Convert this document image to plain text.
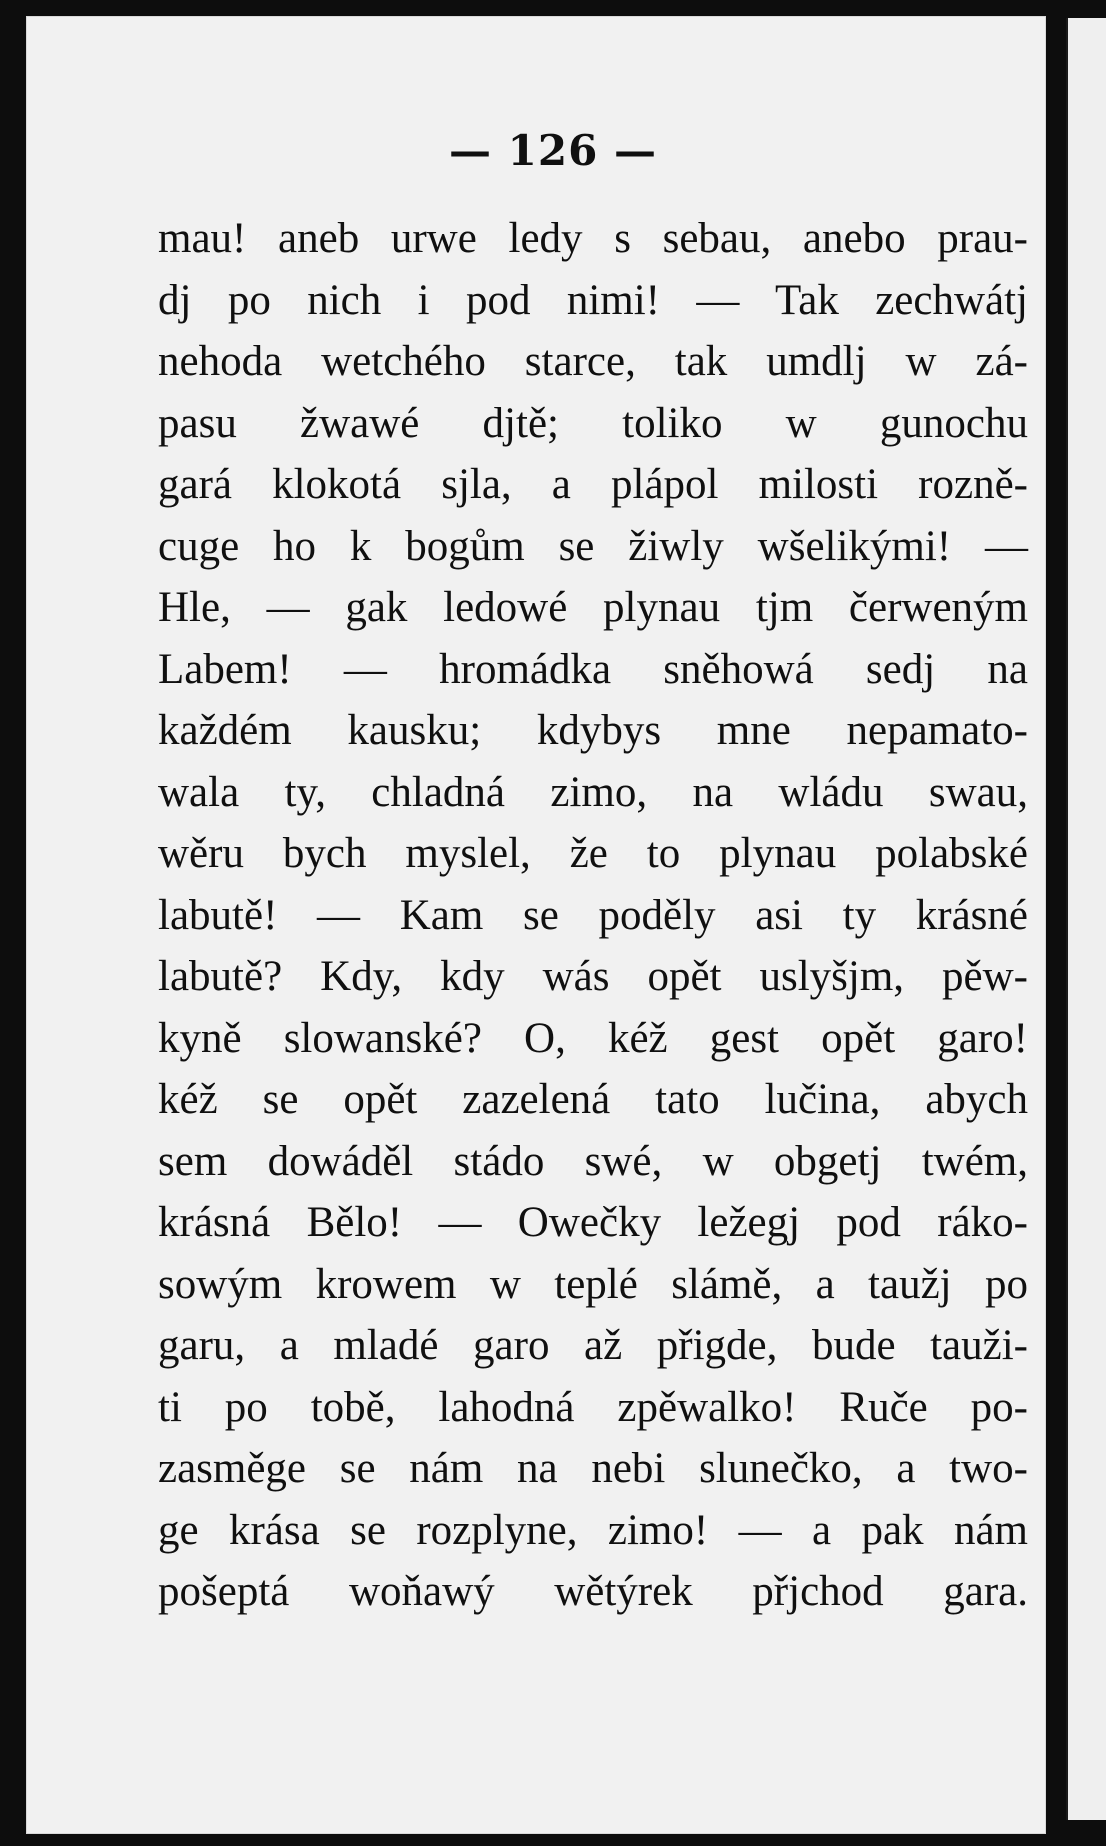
— 126 —
mau! aneb urwe ledy s sebau, anebo prau-
dj po nich i pod nimi! — Tak zechwátj
nehoda wetchého starce, tak umdlj w zá-
pasu žwawé djtě; toliko w gunochu
gará klokotá sjla, a plápol milosti rozně-
cuge ho k bogům se žiwly wšelikými! —
Hle, — gak ledowé plynau tjm čerweným
Labem! — hromádka sněhowá sedj na
každém kausku; kdybys mne nepamato-
wala ty, chladná zimo, na wládu swau,
wěru bych myslel, že to plynau polabské
labutě! — Kam se poděly asi ty krásné
labutě? Kdy, kdy wás opět uslyšjm, pěw-
kyně slowanské? O, kéž gest opět garo!
kéž se opět zazelená tato lučina, abych
sem dowáděl stádo swé, w obgetj twém,
krásná Bělo! — Owečky ležegj pod ráko-
sowým krowem w teplé slámě, a taužj po
garu, a mladé garo až přigde, bude tauži-
ti po tobě, lahodná zpěwalko! Ruče po-
zasměge se nám na nebi slunečko, a two-
ge krása se rozplyne, zimo! — a pak nám
pošeptá woňawý wětýrek přjchod gara.
